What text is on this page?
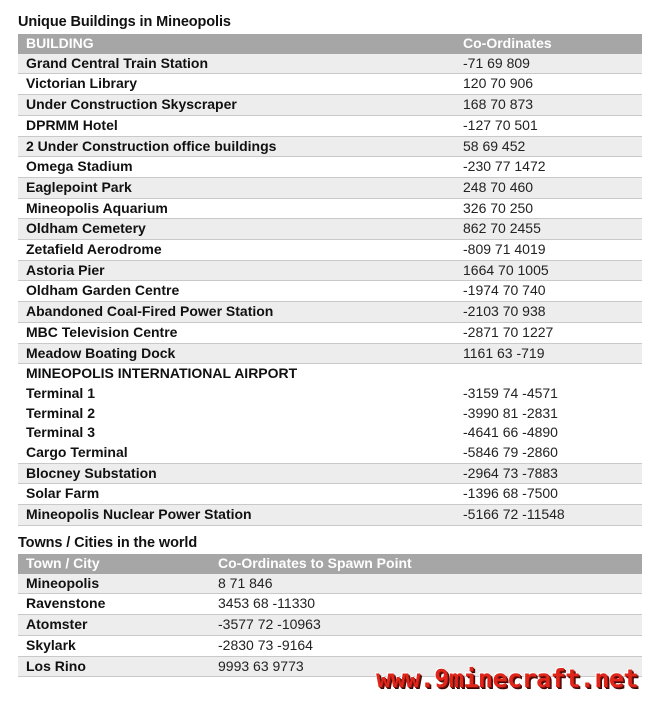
Unique Buildings in Mineopolis
BUILDING	Co-Ordinates
Grand Central Train Station	-71 69 809
Victorian Library	120 70 906
Under Construction Skyscraper	168 70 873
DPRMM Hotel	-127 70 501
2 Under Construction office buildings	58 69 452
Omega Stadium	-230 77 1472
Eaglepoint Park	248 70 460
Mineopolis Aquarium	326 70 250
Oldham Cemetery	862 70 2455
Zetafield Aerodrome	-809 71 4019
Astoria Pier	1664 70 1005
Oldham Garden Centre	-1974 70 740
Abandoned Coal-Fired Power Station	-2103 70 938
MBC Television Centre	-2871 70 1227
Meadow Boating Dock	1161 63 -719
MINEOPOLIS INTERNATIONAL AIRPORT	
Terminal 1	-3159 74 -4571
Terminal 2	-3990 81 -2831
Terminal 3	-4641 66 -4890
Cargo Terminal	-5846 79 -2860
Blocney Substation	-2964 73 -7883
Solar Farm	-1396 68 -7500
Mineopolis Nuclear Power Station	-5166 72 -11548
Towns / Cities in the world
Town / City	Co-Ordinates to Spawn Point
Mineopolis	8 71 846
Ravenstone	3453 68 -11330
Atomster	-3577 72 -10963
Skylark	-2830 73 -9164
Los Rino	9993 63 9773	www.9minecraft.net
